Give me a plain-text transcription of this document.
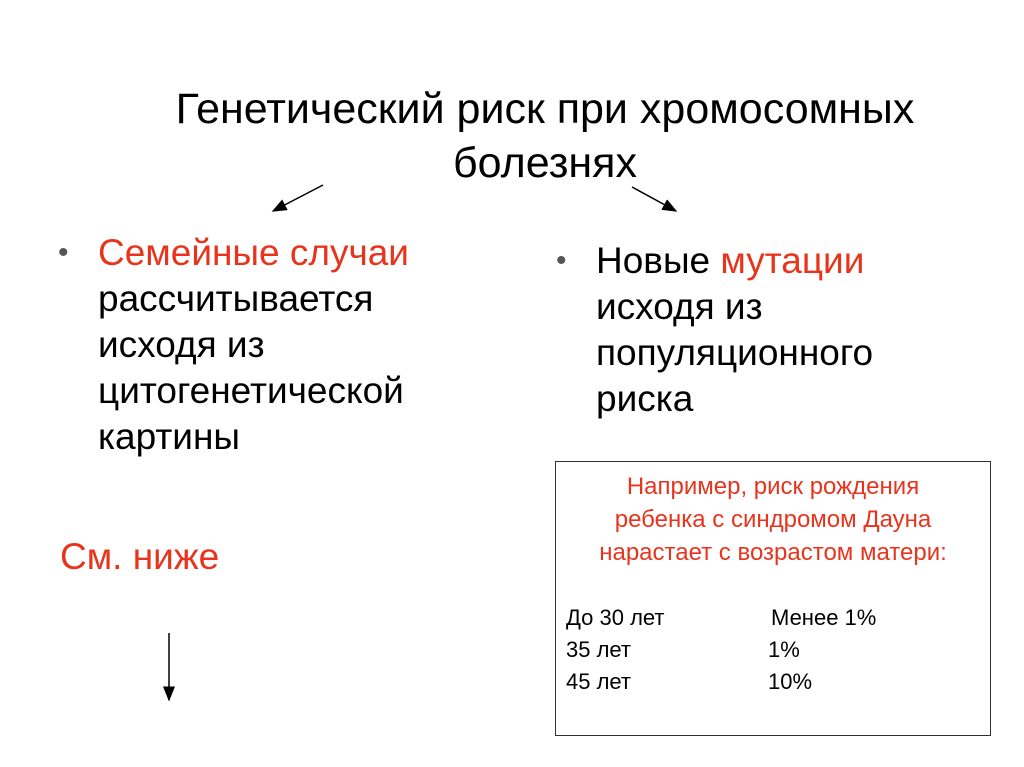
Генетический риск при хромосомных болезнях
• Семейные случаи
рассчитывается
исходя из
цитогенетической
картины
См. ниже
• Новые мутации
исходя из
популяционного
риска
Например, риск рождения
ребенка с синдромом Дауна
нарастает с возрастом матери:
До 30 лет	Менее 1%
35 лет	1%
45 лет	10%
